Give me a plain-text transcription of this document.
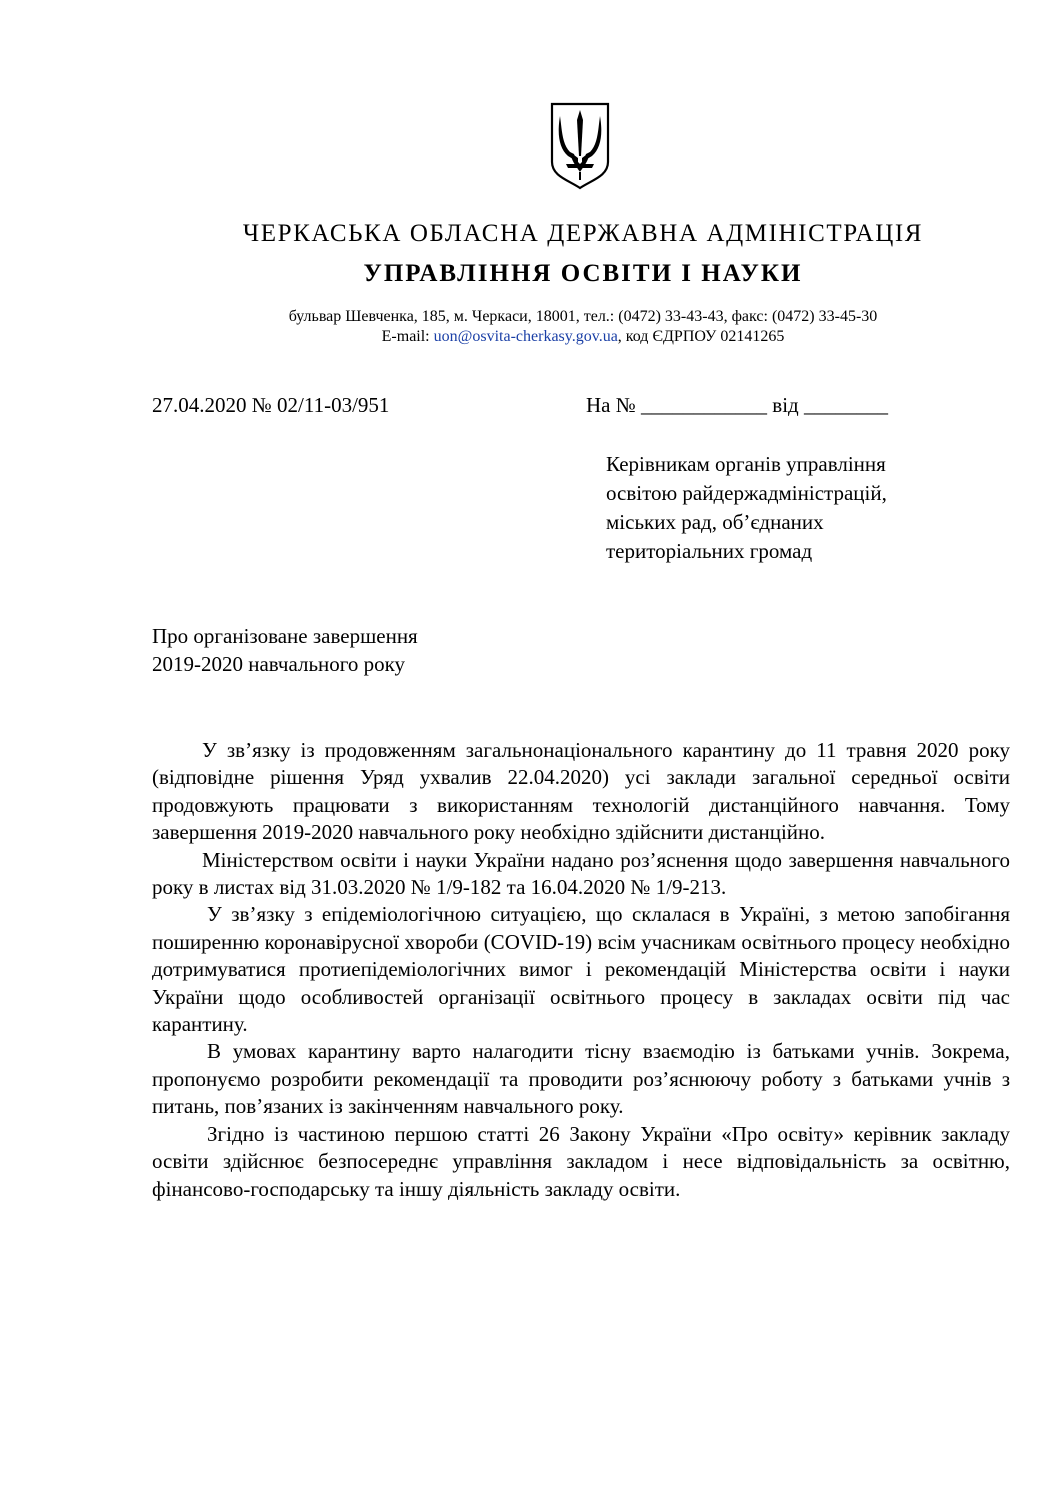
ЧЕРКАСЬКА ОБЛАСНА ДЕРЖАВНА АДМІНІСТРАЦІЯ
УПРАВЛІННЯ ОСВІТИ І НАУКИ
бульвар Шевченка, 185, м. Черкаси, 18001, тел.: (0472) 33-43-43, факс: (0472) 33-45-30
E-mail: uon@osvita-cherkasy.gov.ua, код ЄДРПОУ 02141265
27.04.2020 № 02/11-03/951	На № ____________ від ________
Керівникам органів управління
освітою райдержадміністрацій,
міських рад, об’єднаних
територіальних громад
Про організоване завершення
2019-2020 навчального року

У зв’язку із продовженням загальнонаціонального карантину до 11 травня 2020 року (відповідне рішення Уряд ухвалив 22.04.2020) усі заклади загальної середньої освіти продовжують працювати з використанням технологій дистанційного навчання. Тому завершення 2019-2020 навчального року необхідно здійснити дистанційно.

Міністерством освіти і науки України надано роз’яснення щодо завершення навчального року в листах від 31.03.2020 № 1/9-182 та 16.04.2020 № 1/9-213.

У зв’язку з епідеміологічною ситуацією, що склалася в Україні, з метою запобігання поширенню коронавірусної хвороби (COVID-19) всім учасникам освітнього процесу необхідно дотримуватися протиепідеміологічних вимог і рекомендацій Міністерства освіти і науки України щодо особливостей організації освітнього процесу в закладах освіти під час карантину.

В умовах карантину варто налагодити тісну взаємодію із батьками учнів. Зокрема, пропонуємо розробити рекомендації та проводити роз’яснюючу роботу з батьками учнів з питань, пов’язаних із закінченням навчального року.

Згідно із частиною першою статті 26 Закону України «Про освіту» керівник закладу освіти здійснює безпосереднє управління закладом і несе відповідальність за освітню, фінансово-господарську та іншу діяльність закладу освіти.
